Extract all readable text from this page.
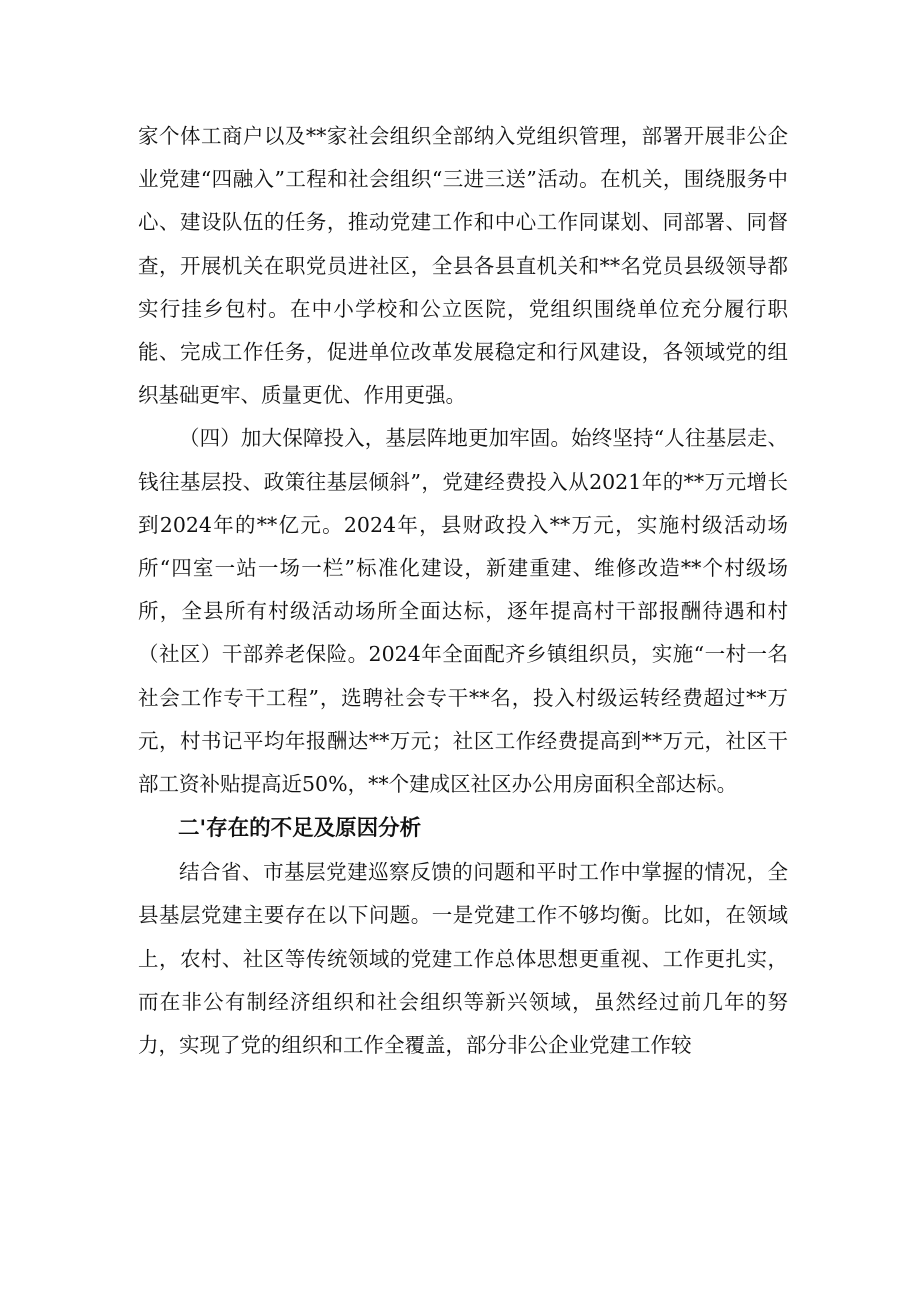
家个体工商户以及**家社会组织全部纳入党组织管理，部署开展非公企业党建“四融入”工程和社会组织“三进三送”活动。在机关，围绕服务中心、建设队伍的任务，推动党建工作和中心工作同谋划、同部署、同督查，开展机关在职党员进社区，全县各县直机关和**名党员县级领导都实行挂乡包村。在中小学校和公立医院，党组织围绕单位充分履行职能、完成工作任务，促进单位改革发展稳定和行风建设，各领域党的组织基础更牢、质量更优、作用更强。

（四）加大保障投入，基层阵地更加牢固。始终坚持“人往基层走、钱往基层投、政策往基层倾斜”，党建经费投入从2021年的**万元增长到2024年的**亿元。2024年，县财政投入**万元，实施村级活动场所“四室一站一场一栏”标准化建设，新建重建、维修改造**个村级场所，全县所有村级活动场所全面达标，逐年提高村干部报酬待遇和村（社区）干部养老保险。2024年全面配齐乡镇组织员，实施“一村一名社会工作专干工程”，选聘社会专干**名，投入村级运转经费超过**万元，村书记平均年报酬达**万元；社区工作经费提高到**万元，社区干部工资补贴提高近50%，**个建成区社区办公用房面积全部达标。

二'存在的不足及原因分析

结合省、市基层党建巡察反馈的问题和平时工作中掌握的情况，全县基层党建主要存在以下问题。一是党建工作不够均衡。比如，在领域上，农村、社区等传统领域的党建工作总体思想更重视、工作更扎实，而在非公有制经济组织和社会组织等新兴领域，虽然经过前几年的努力，实现了党的组织和工作全覆盖，部分非公企业党建工作较
